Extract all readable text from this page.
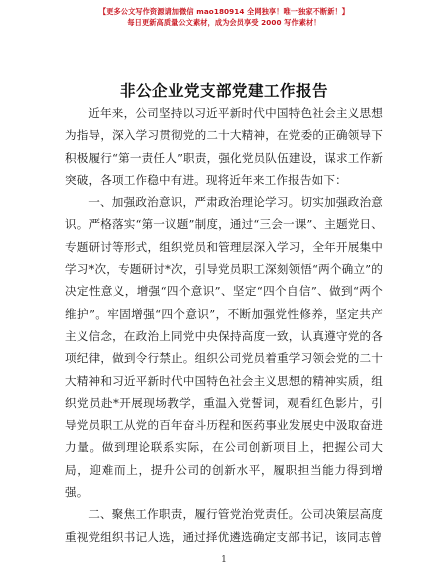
【更多公文写作资源请加微信 mao180914 全网独享！唯一独家不断新！】
每日更新高质量公文素材，成为会员享受 2000 写作素材！
非公企业党支部党建工作报告

近年来，公司坚持以习近平新时代中国特色社会主义思想为指导，深入学习贯彻党的二十大精神，在党委的正确领导下积极履行“第一责任人”职责，强化党员队伍建设，谋求工作新突破，各项工作稳中有进。现将近年来工作报告如下：

一、加强政治意识，严肃政治理论学习。切实加强政治意识。严格落实“第一议题”制度，通过“三会一课”、主题党日、专题研讨等形式，组织党员和管理层深入学习，全年开展集中学习*次，专题研讨*次，引导党员职工深刻领悟“两个确立”的决定性意义，增强“四个意识”、坚定“四个自信”、做到“两个维护”。牢固增强“四个意识”，不断加强党性修养，坚定共产主义信念，在政治上同党中央保持高度一致，认真遵守党的各项纪律，做到令行禁止。组织公司党员着重学习领会党的二十大精神和习近平新时代中国特色社会主义思想的精神实质，组织党员赴*开展现场教学，重温入党誓词，观看红色影片，引导党员职工从党的百年奋斗历程和医药事业发展史中汲取奋进力量。做到理论联系实际，在公司创新项目上，把握公司大局，迎难而上，提升公司的创新水平，履职担当能力得到增强。

二、聚焦工作职责，履行管党治党责任。公司决策层高度重视党组织书记人选，通过择优遴选确定支部书记，该同志曾

1
